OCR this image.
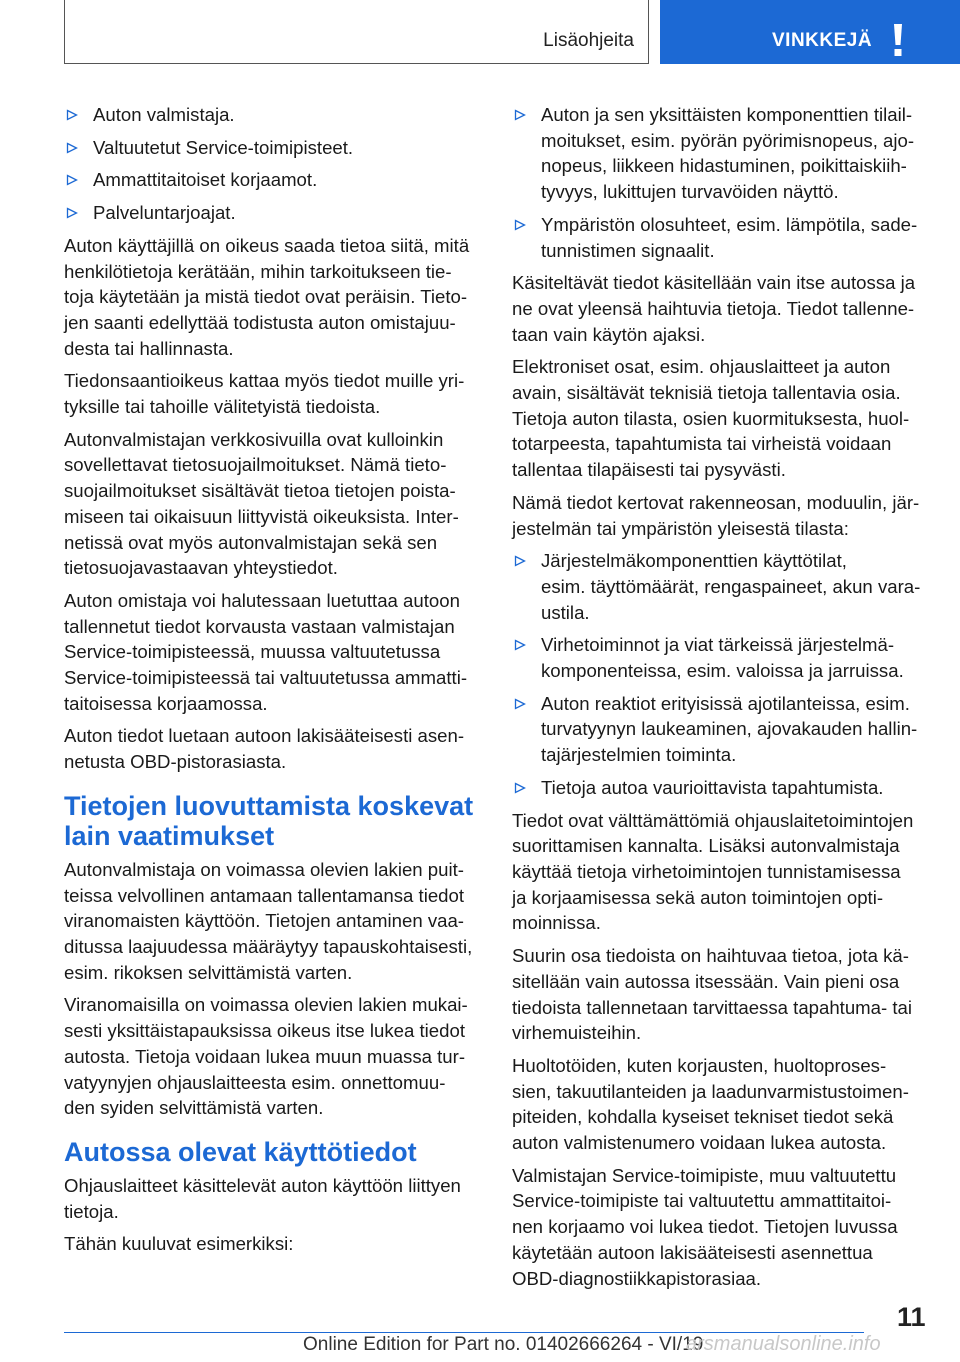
Lisäohjeita	VINKKEJÄ
Auton valmistaja.
Valtuutetut Service-toimipisteet.
Ammattitaitoiset korjaamot.
Palveluntarjoajat.
Auton käyttäjillä on oikeus saada tietoa siitä, mitä
henkilötietoja kerätään, mihin tarkoitukseen tie-
toja käytetään ja mistä tiedot ovat peräisin. Tieto-
jen saanti edellyttää todistusta auton omistajuu-
desta tai hallinnasta.
Tiedonsaantioikeus kattaa myös tiedot muille yri-
tyksille tai tahoille välitetyistä tiedoista.
Autonvalmistajan verkkosivuilla ovat kulloinkin
sovellettavat tietosuojailmoitukset. Nämä tieto-
suojailmoitukset sisältävät tietoa tietojen poista-
miseen tai oikaisuun liittyvistä oikeuksista. Inter-
netissä ovat myös autonvalmistajan sekä sen
tietosuojavastaavan yhteystiedot.
Auton omistaja voi halutessaan luetuttaa autoon
tallennetut tiedot korvausta vastaan valmistajan
Service-toimipisteessä, muussa valtuutetussa
Service-toimipisteessä tai valtuutetussa ammatti-
taitoisessa korjaamossa.
Auton tiedot luetaan autoon lakisääteisesti asen-
netusta OBD-pistorasiasta.
Tietojen luovuttamista koskevat
lain vaatimukset
Autonvalmistaja on voimassa olevien lakien puit-
teissa velvollinen antamaan tallentamansa tiedot
viranomaisten käyttöön. Tietojen antaminen vaa-
ditussa laajuudessa määräytyy tapauskohtaisesti,
esim. rikoksen selvittämistä varten.
Viranomaisilla on voimassa olevien lakien mukai-
sesti yksittäistapauksissa oikeus itse lukea tiedot
autosta. Tietoja voidaan lukea muun muassa tur-
vatyynyjen ohjauslaitteesta esim. onnettomuu-
den syiden selvittämistä varten.
Autossa olevat käyttötiedot
Ohjauslaitteet käsittelevät auton käyttöön liittyen
tietoja.
Tähän kuuluvat esimerkiksi:
Auton ja sen yksittäisten komponenttien tilail-
moitukset, esim. pyörän pyörimisnopeus, ajo-
nopeus, liikkeen hidastuminen, poikittaiskiih-
tyvyys, lukittujen turvavöiden näyttö.
Ympäristön olosuhteet, esim. lämpötila, sade-
tunnistimen signaalit.
Käsiteltävät tiedot käsitellään vain itse autossa ja
ne ovat yleensä haihtuvia tietoja. Tiedot tallenne-
taan vain käytön ajaksi.
Elektroniset osat, esim. ohjauslaitteet ja auton
avain, sisältävät teknisiä tietoja tallentavia osia.
Tietoja auton tilasta, osien kuormituksesta, huol-
totarpeesta, tapahtumista tai virheistä voidaan
tallentaa tilapäisesti tai pysyvästi.
Nämä tiedot kertovat rakenneosan, moduulin, jär-
jestelmän tai ympäristön yleisestä tilasta:
Järjestelmäkomponenttien käyttötilat,
esim. täyttömäärät, rengaspaineet, akun vara-
ustila.
Virhetoiminnot ja viat tärkeissä järjestelmä-
komponenteissa, esim. valoissa ja jarruissa.
Auton reaktiot erityisissä ajotilanteissa, esim.
turvatyynyn laukeaminen, ajovakauden hallin-
tajärjestelmien toiminta.
Tietoja autoa vaurioittavista tapahtumista.
Tiedot ovat välttämättömiä ohjauslaitetoimintojen
suorittamisen kannalta. Lisäksi autonvalmistaja
käyttää tietoja virhetoimintojen tunnistamisessa
ja korjaamisessa sekä auton toimintojen opti-
moinnissa.
Suurin osa tiedoista on haihtuvaa tietoa, jota kä-
sitellään vain autossa itsessään. Vain pieni osa
tiedoista tallennetaan tarvittaessa tapahtuma- tai
virhemuisteihin.
Huoltotöiden, kuten korjausten, huoltoproses-
sien, takuutilanteiden ja laadunvarmistustoimen-
piteiden, kohdalla kyseiset tekniset tiedot sekä
auton valmistenumero voidaan lukea autosta.
Valmistajan Service-toimipiste, muu valtuutettu
Service-toimipiste tai valtuutettu ammattitaitoi-
nen korjaamo voi lukea tiedot. Tietojen luvussa
käytetään autoon lakisääteisesti asennettua
OBD-diagnostiikkapistorasiaa.
11
Online Edition for Part no. 01402666264 - VI/19
arsmanualsonline.info
